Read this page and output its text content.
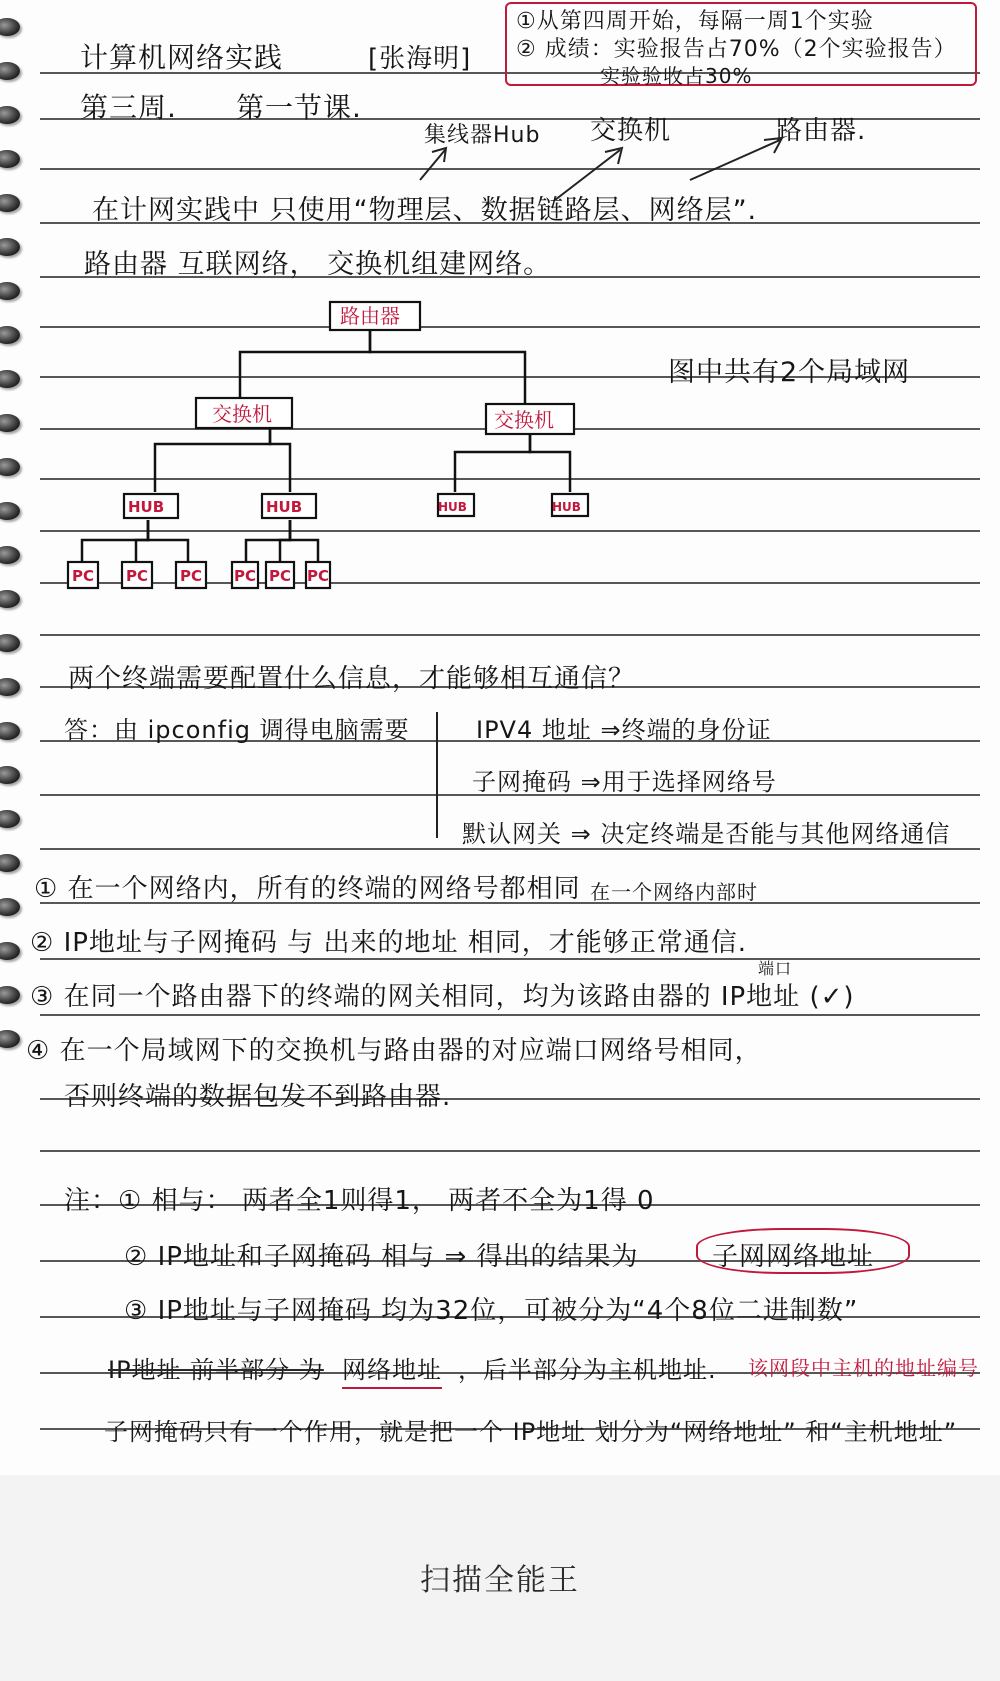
计算机网络实践	[张海明]
①从第四周开始，每隔一周1个实验
② 成绩：实验报告占70%（2个实验报告）
实验验收占30%
第三周. 第一节课.
集线器Hub 交换机	路由器.
在计网实践中 只使用“物理层、数据链路层、网络层”.
路由器 互联网络， 交换机组建网络。
路由器
交换机	交换机
HUB	HUB	HUB	HUB
PC PC PC PC PC PC
图中共有2个局域网
两个终端需要配置什么信息，才能够相互通信？
答：由 ipconfig 调得电脑需要	IPV4 地址 ⇒终端的身份证
子网掩码 ⇒用于选择网络号
默认网关 ⇒ 决定终端是否能与其他网络通信
① 在一个网络内，所有的终端的网络号都相同 在一个网络内部时
② IP地址与子网掩码 与 出来的地址 相同，才能够正常通信.
端口
③ 在同一个路由器下的终端的网关相同，均为该路由器的 IP地址 (✓)
④ 在一个局域网下的交换机与路由器的对应端口网络号相同，
否则终端的数据包发不到路由器.
注：① 相与： 两者全1则得1， 两者不全为1得 0
② IP地址和子网掩码 相与 ⇒ 得出的结果为	子网网络地址
③ IP地址与子网掩码 均为32位，可被分为“4个8位二进制数”
IP地址 前半部分 为 网络地址 ，后半部分为主机地址. 该网段中主机的地址编号
子网掩码只有一个作用，就是把一个 IP地址 划分为“网络地址” 和“主机地址”
扫描全能王
